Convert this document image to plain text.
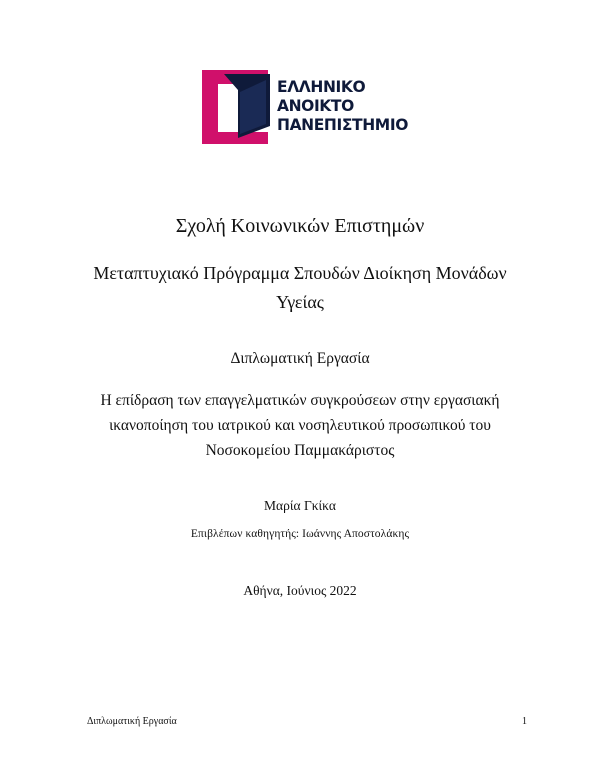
ΕΛΛΗΝΙΚΟ
ΑΝΟΙΚΤΟ
ΠΑΝΕΠΙΣΤΗΜΙΟ
Σχολή Κοινωνικών Επιστημών
Μεταπτυχιακό Πρόγραμμα Σπουδών Διοίκηση Μονάδων
Υγείας
Διπλωματική Εργασία
Η επίδραση των επαγγελματικών συγκρούσεων στην εργασιακή
ικανοποίηση του ιατρικού και νοσηλευτικού προσωπικού του
Νοσοκομείου Παμμακάριστος
Μαρία Γκίκα
Επιβλέπων καθηγητής: Ιωάννης Αποστολάκης
Αθήνα, Ιούνιος 2022
Διπλωματική Εργασία	1
